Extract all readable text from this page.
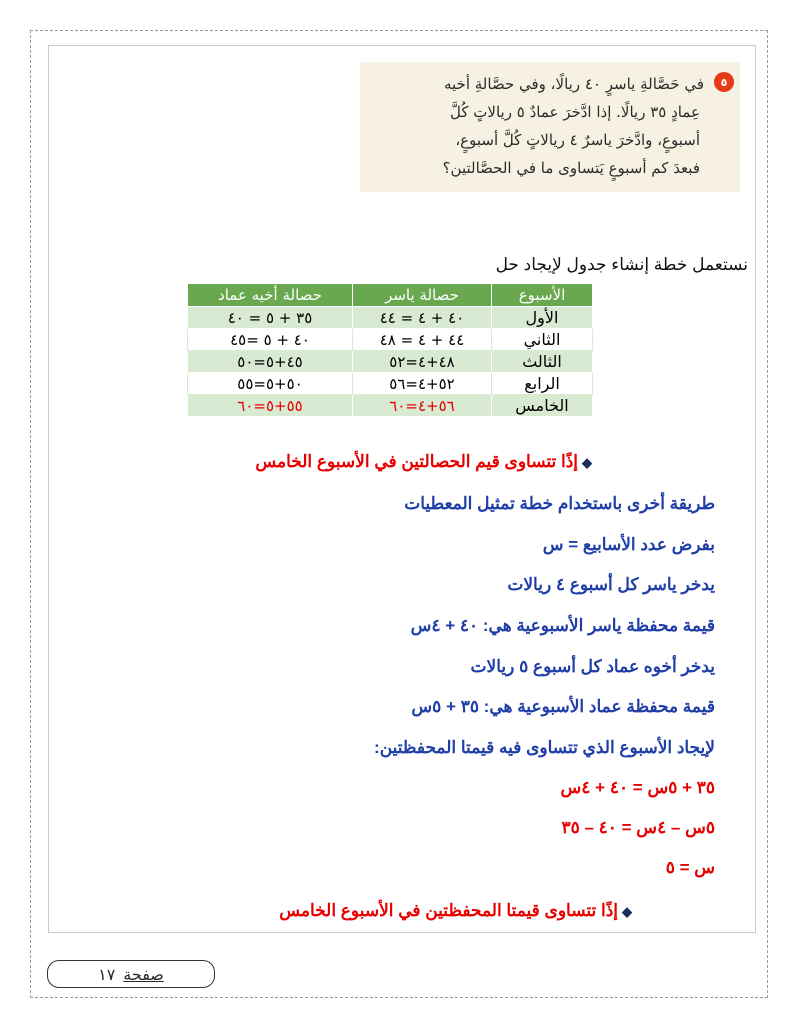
٥
في حَصَّالةِ ياسرٍ ٤٠ ريالًا، وفي حصَّالةِ أخيه
عِمادٍ ٣٥ ريالًا. إذا ادَّخرَ عمادٌ ٥ ريالاتٍ كُلَّ
أسبوعٍ، وادَّخرَ ياسرٌ ٤ ريالاتٍ كُلَّ أسبوعٍ،
فبعدَ كم أسبوعٍ يَتساوى ما في الحصَّالتين؟
نستعمل خطة إنشاء جدول لإيجاد حل
الأسبوع	حصالة ياسر	حصالة أخيه عماد
الأول	٤٠ + ٤ = ٤٤	٣٥ + ٥ = ٤٠
الثاني	٤٤ + ٤ = ٤٨	٤٠ + ٥ =٤٥
الثالث	٤٨+٤=٥٢	٤٥+٥=٥٠
الرابع	٥٢+٤=٥٦	٥٠+٥=٥٥
الخامس	٥٦+٤=٦٠	٥٥+٥=٦٠
◆إذًا تتساوى قيم الحصالتين في الأسبوع الخامس
طريقة أخرى باستخدام خطة تمثيل المعطيات
بفرض عدد الأسابيع = س
يدخر ياسر كل أسبوع ٤ ريالات
قيمة محفظة ياسر الأسبوعية هي: ٤٠ + ٤س
يدخر أخوه عماد كل أسبوع ٥ ريالات
قيمة محفظة عماد الأسبوعية هي: ٣٥ + ٥س
لإيجاد الأسبوع الذي تتساوى فيه قيمتا المحفظتين:
٣٥ + ٥س = ٤٠ + ٤س
٥س – ٤س = ٤٠ – ٣٥
س = ٥
◆إذًا تتساوى قيمتا المحفظتين في الأسبوع الخامس
صفحة
١٧
